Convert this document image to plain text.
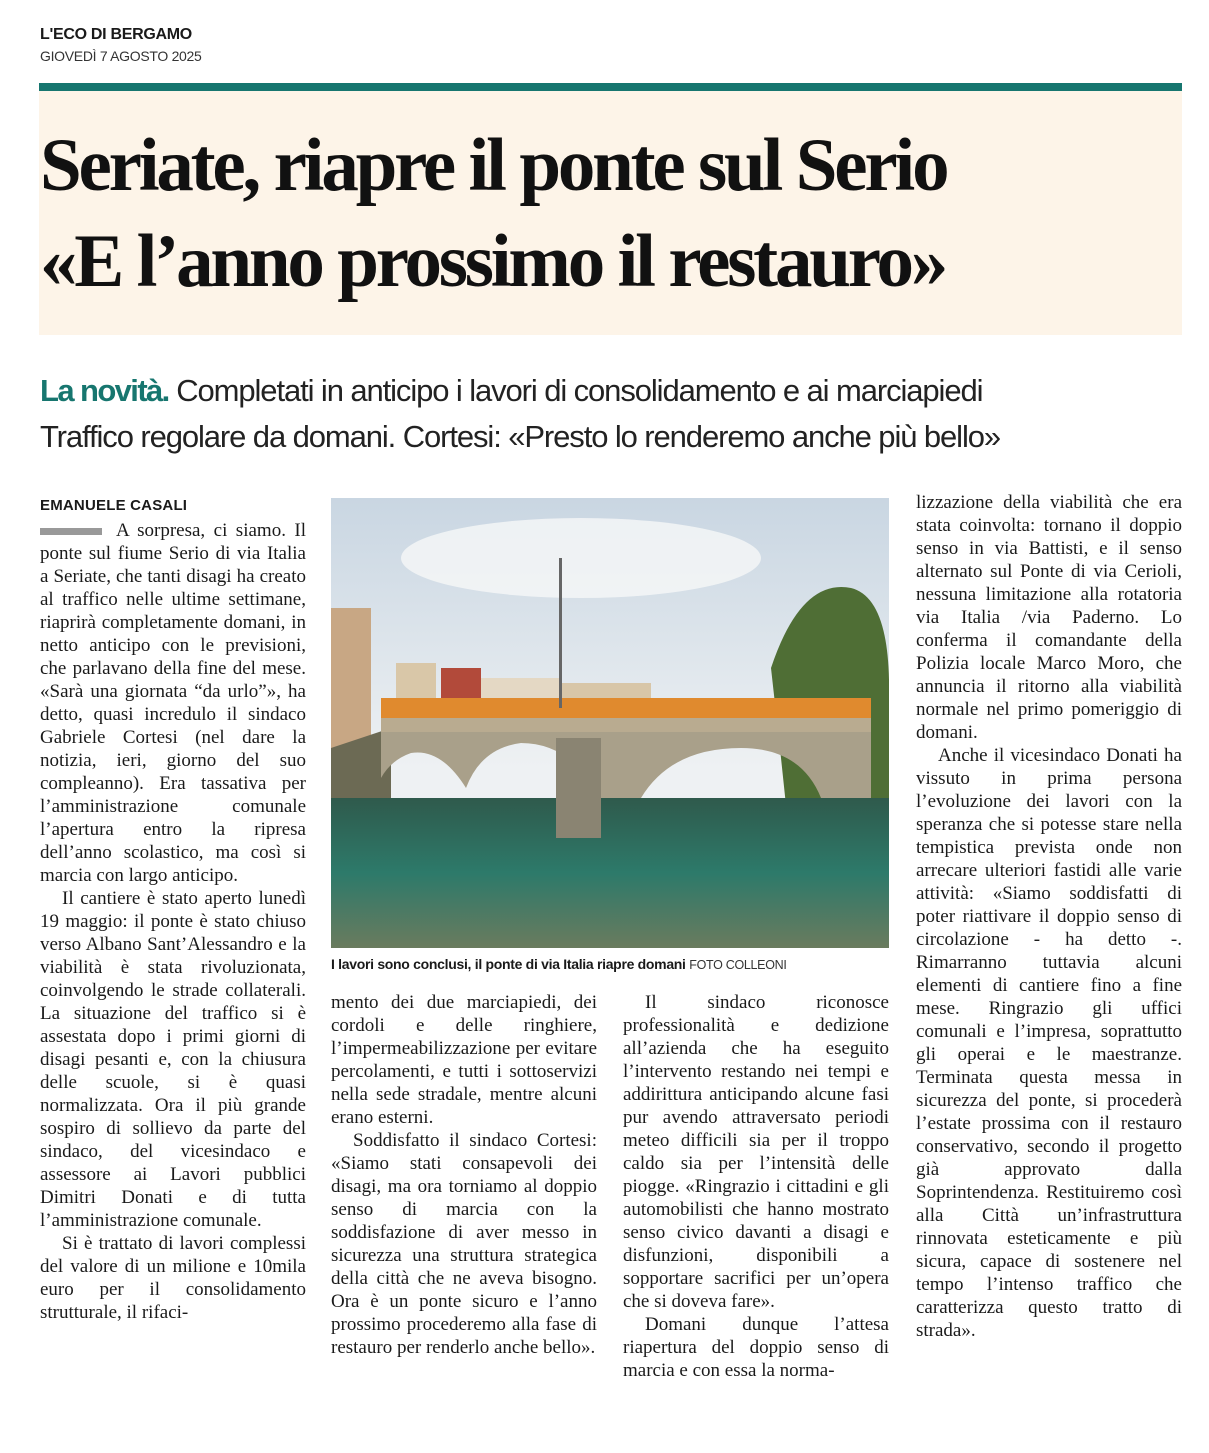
L'ECO DI BERGAMO
GIOVEDÌ 7 AGOSTO 2025
Seriate, riapre il ponte sul Serio
«E l’anno prossimo il restauro»
La novità. Completati in anticipo i lavori di consolidamento e ai marciapiedi
Traffico regolare da domani. Cortesi: «Presto lo renderemo anche più bello»
EMANUELE CASALI

A sorpresa, ci siamo. Il ponte sul fiume Serio di via Italia a Seriate, che tanti disagi ha creato al traffico nelle ultime settimane, riaprirà completamente domani, in netto anticipo con le previsioni, che parlavano della fine del mese. «Sarà una giornata “da urlo”», ha detto, quasi incredulo il sindaco Gabriele Cortesi (nel dare la notizia, ieri, giorno del suo compleanno). Era tassativa per l’amministrazione comunale l’apertura entro la ripresa dell’anno scolastico, ma così si marcia con largo anticipo.

Il cantiere è stato aperto lunedì 19 maggio: il ponte è stato chiuso verso Albano Sant’Alessandro e la viabilità è stata rivoluzionata, coinvolgendo le strade collaterali. La situazione del traffico si è assestata dopo i primi giorni di disagi pesanti e, con la chiusura delle scuole, si è quasi normalizzata. Ora il più grande sospiro di sollievo da parte del sindaco, del vicesindaco e assessore ai Lavori pubblici Dimitri Donati e di tutta l’amministrazione comunale.

Si è trattato di lavori complessi del valore di un milione e 10mila euro per il consolidamento strutturale, il rifaci-

I lavori sono conclusi, il ponte di via Italia riapre domani FOTO COLLEONI

mento dei due marciapiedi, dei cordoli e delle ringhiere, l’impermeabilizzazione per evitare percolamenti, e tutti i sottoservizi nella sede stradale, mentre alcuni erano esterni.

Soddisfatto il sindaco Cortesi: «Siamo stati consapevoli dei disagi, ma ora torniamo al doppio senso di marcia con la soddisfazione di aver messo in sicurezza una struttura strategica della città che ne aveva bisogno. Ora è un ponte sicuro e l’anno prossimo procederemo alla fase di restauro per renderlo anche bello».

Il sindaco riconosce professionalità e dedizione all’azienda che ha eseguito l’intervento restando nei tempi e addirittura anticipando alcune fasi pur avendo attraversato periodi meteo difficili sia per il troppo caldo sia per l’intensità delle piogge. «Ringrazio i cittadini e gli automobilisti che hanno mostrato senso civico davanti a disagi e disfunzioni, disponibili a sopportare sacrifici per un’opera che si doveva fare».

Domani dunque l’attesa riapertura del doppio senso di marcia e con essa la norma-

lizzazione della viabilità che era stata coinvolta: tornano il doppio senso in via Battisti, e il senso alternato sul Ponte di via Cerioli, nessuna limitazione alla rotatoria via Italia /via Paderno. Lo conferma il comandante della Polizia locale Marco Moro, che annuncia il ritorno alla viabilità normale nel primo pomeriggio di domani.

Anche il vicesindaco Donati ha vissuto in prima persona l’evoluzione dei lavori con la speranza che si potesse stare nella tempistica prevista onde non arrecare ulteriori fastidi alle varie attività: «Siamo soddisfatti di poter riattivare il doppio senso di circolazione - ha detto -. Rimarranno tuttavia alcuni elementi di cantiere fino a fine mese. Ringrazio gli uffici comunali e l’impresa, soprattutto gli operai e le maestranze. Terminata questa messa in sicurezza del ponte, si procederà l’estate prossima con il restauro conservativo, secondo il progetto già approvato dalla Soprintendenza. Restituiremo così alla Città un’infrastruttura rinnovata esteticamente e più sicura, capace di sostenere nel tempo l’intenso traffico che caratterizza questo tratto di strada».
